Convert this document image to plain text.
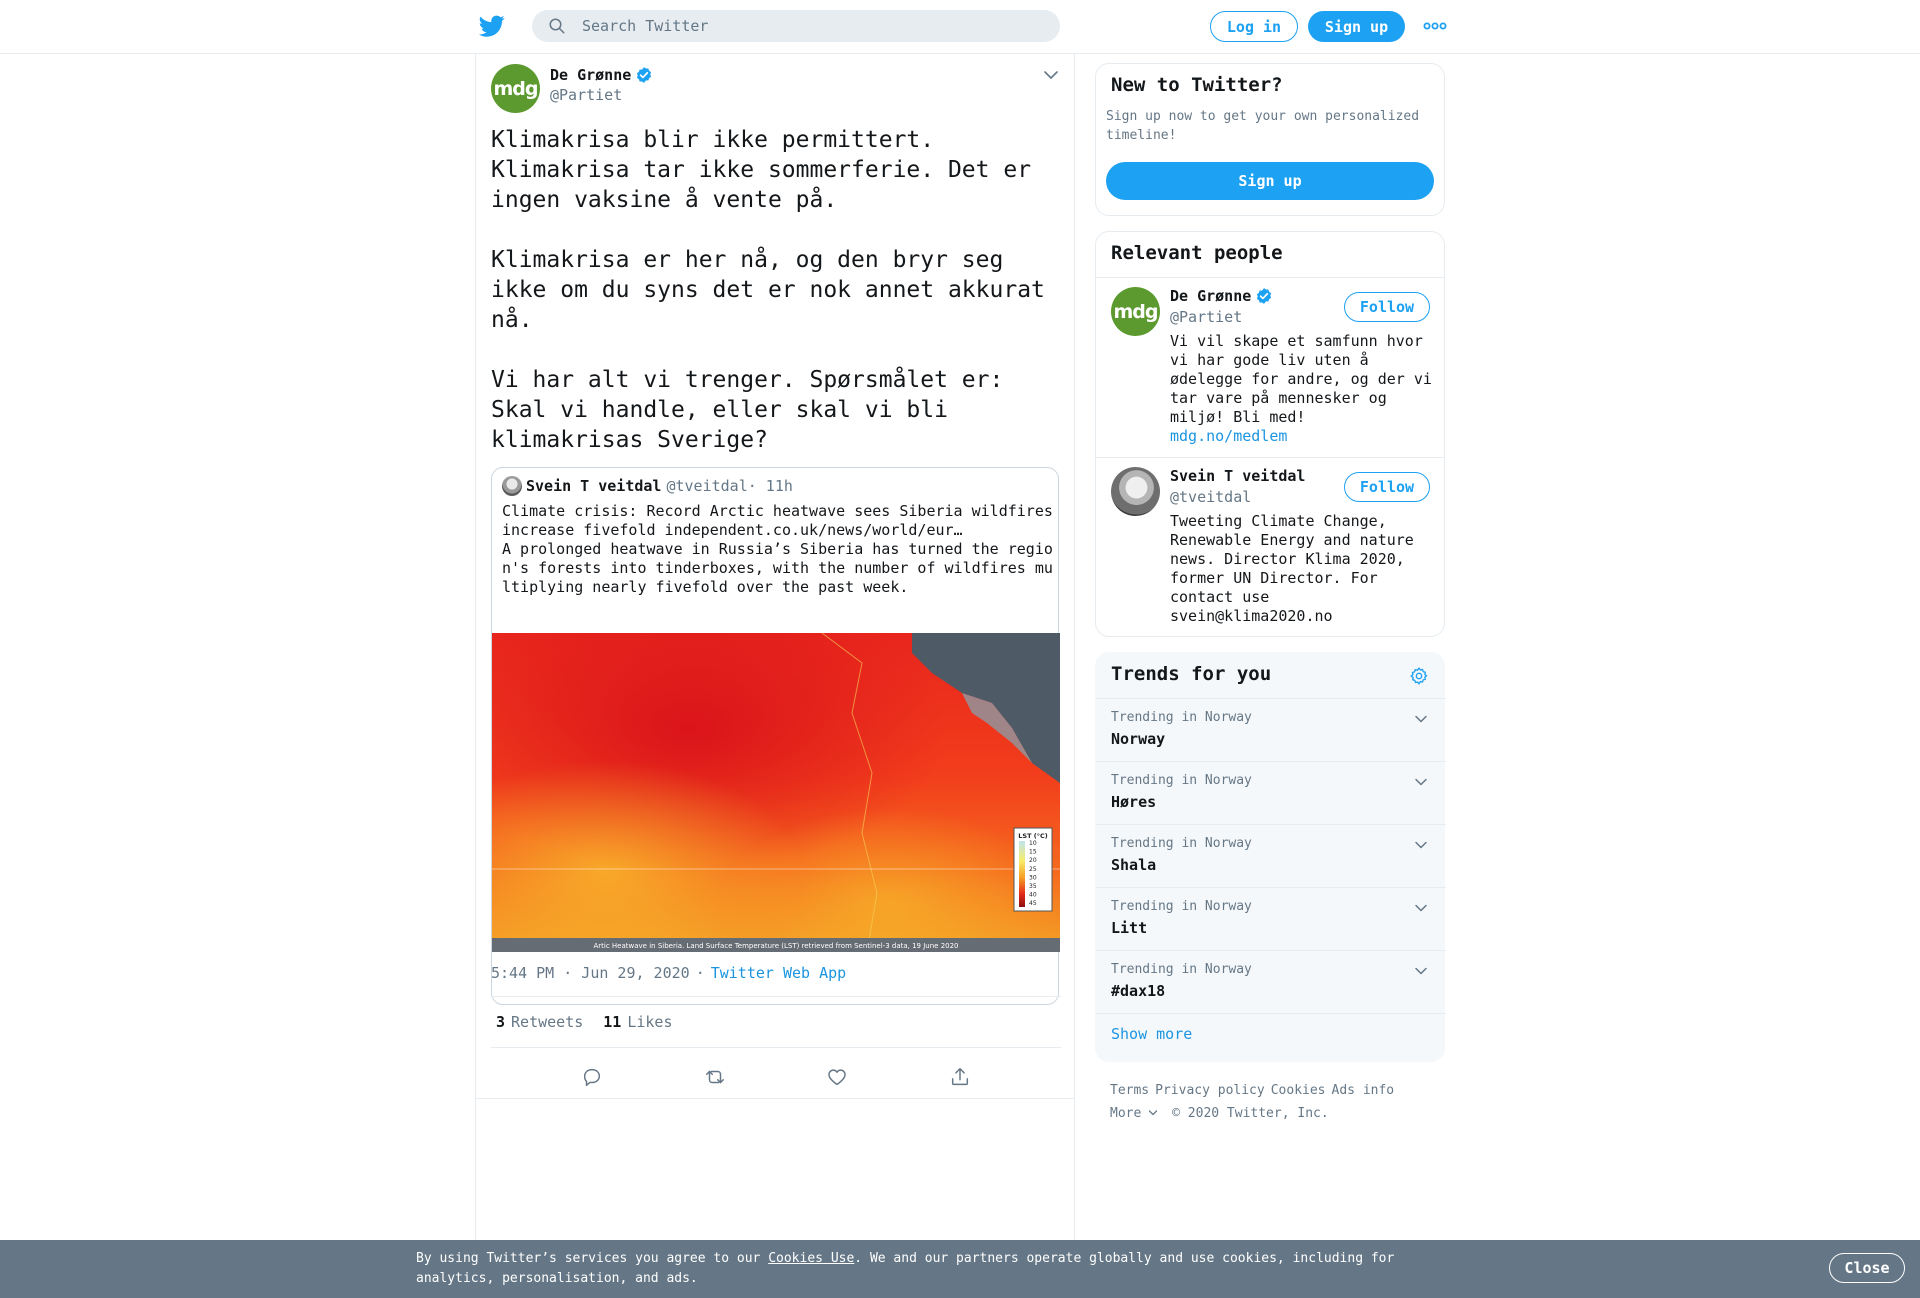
Search Twitter
Log in	Sign up
mdg
De Grønne
@Partiet
Klimakrisa blir ikke permittert. Klimakrisa tar ikke sommerferie. Det er ingen vaksine å vente på.

Klimakrisa er her nå, og den bryr seg ikke om du syns det er nok annet akkurat nå.

Vi har alt vi trenger. Spørsmålet er: Skal vi handle, eller skal vi bli klimakrisas Sverige?
Svein T veitdal @tveitdal · 11h
Climate crisis: Record Arctic heatwave sees Siberia wildfires increase fivefold independent.co.uk/news/world/eur…
A prolonged heatwave in Russia’s Siberia has turned the region's forests into tinderboxes, with the number of wildfires multiplying nearly fivefold over the past week.
Artic Heatwave in Siberia. Land Surface Temperature (LST) retrieved from Sentinel-3 data, 19 June 2020
LST (°C)
10
15
20
25
30
35
40
45
5:44 PM · Jun 29, 2020 · Twitter Web App
3 Retweets 11 Likes
New to Twitter?

Sign up now to get your own personalized timeline!

Sign up
Relevant people
mdg
De Grønne
@Partiet
Follow
Vi vil skape et samfunn hvor vi har gode liv uten å ødelegge for andre, og der vi tar vare på mennesker og miljø! Bli med!
mdg.no/medlem
Svein T veitdal
@tveitdal
Follow
Tweeting Climate Change, Renewable Energy and nature news. Director Klima 2020, former UN Director. For contact use svein@klima2020.no
Trends for you
Trending in Norway
Norway
Trending in Norway
Høres
Trending in Norway
Shala
Trending in Norway
Litt
Trending in Norway
#dax18
Show more
Terms Privacy policy Cookies Ads info
More © 2020 Twitter, Inc.
By using Twitter’s services you agree to our Cookies Use. We and our partners operate globally and use cookies, including for analytics, personalisation, and ads.
Close
